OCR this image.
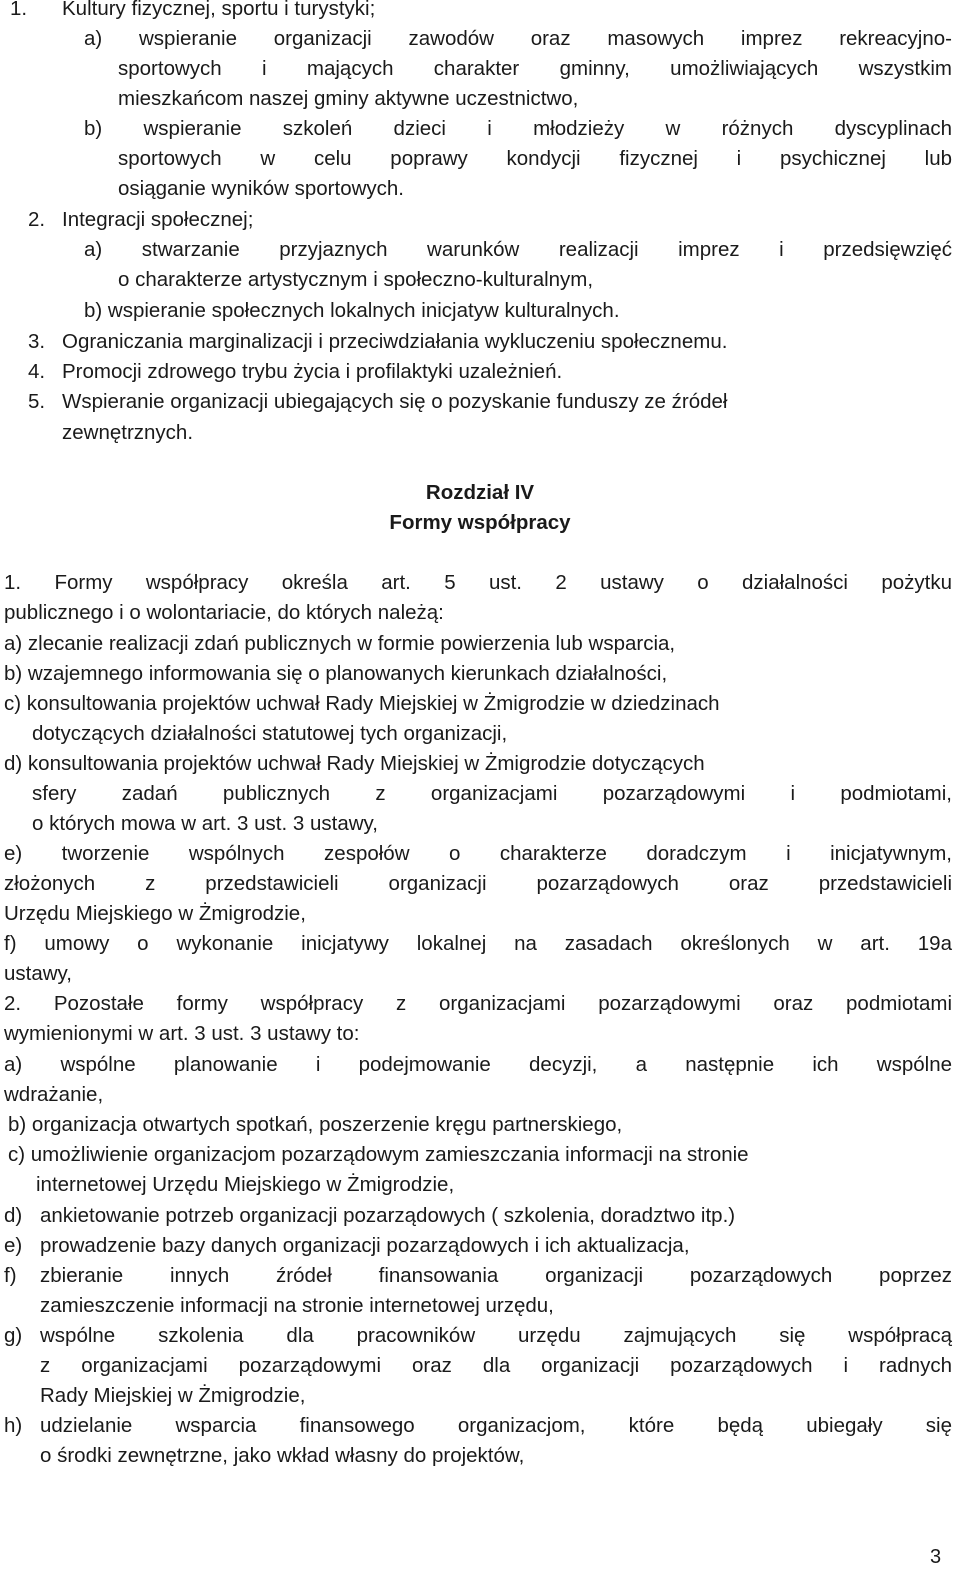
1. Kultury fizycznej, sportu i turystyki;
a) wspieranie organizacji zawodów oraz masowych imprez rekreacyjno-
sportowych i mających charakter gminny, umożliwiających wszystkim
mieszkańcom naszej gminy aktywne uczestnictwo,
b) wspieranie szkoleń dzieci i młodzieży w różnych dyscyplinach
sportowych w celu poprawy kondycji fizycznej i psychicznej lub
osiąganie wyników sportowych.
2. Integracji społecznej;
a) stwarzanie przyjaznych warunków realizacji imprez i przedsięwzięć
o charakterze artystycznym i społeczno-kulturalnym,
b) wspieranie społecznych lokalnych inicjatyw kulturalnych.
3. Ograniczania marginalizacji i przeciwdziałania wykluczeniu społecznemu.
4. Promocji zdrowego trybu życia i profilaktyki uzależnień.
5. Wspieranie organizacji ubiegających się o pozyskanie funduszy ze źródeł
zewnętrznych.
Rozdział IV
Formy współpracy
1. Formy współpracy określa art. 5 ust. 2 ustawy o działalności pożytku
publicznego i o wolontariacie, do których należą:
a) zlecanie realizacji zdań publicznych w formie powierzenia lub wsparcia,
b) wzajemnego informowania się o planowanych kierunkach działalności,
c) konsultowania projektów uchwał Rady Miejskiej w Żmigrodzie w dziedzinach
dotyczących działalności statutowej tych organizacji,
d) konsultowania projektów uchwał Rady Miejskiej w Żmigrodzie dotyczących
sfery zadań publicznych z organizacjami pozarządowymi i podmiotami,
o których mowa w art. 3 ust. 3 ustawy,
e) tworzenie wspólnych zespołów o charakterze doradczym i inicjatywnym,
złożonych z przedstawicieli organizacji pozarządowych oraz przedstawicieli
Urzędu Miejskiego w Żmigrodzie,
f) umowy o wykonanie inicjatywy lokalnej na zasadach określonych w art. 19a
ustawy,
2. Pozostałe formy współpracy z organizacjami pozarządowymi oraz podmiotami
wymienionymi w art. 3 ust. 3 ustawy to:
a) wspólne planowanie i podejmowanie decyzji, a następnie ich wspólne
wdrażanie,
b) organizacja otwartych spotkań, poszerzenie kręgu partnerskiego,
c) umożliwienie organizacjom pozarządowym zamieszczania informacji na stronie
internetowej Urzędu Miejskiego w Żmigrodzie,
d) ankietowanie potrzeb organizacji pozarządowych ( szkolenia, doradztwo itp.)
e) prowadzenie bazy danych organizacji pozarządowych i ich aktualizacja,
f) zbieranie innych źródeł finansowania organizacji pozarządowych poprzez
zamieszczenie informacji na stronie internetowej urzędu,
g) wspólne szkolenia dla pracowników urzędu zajmujących się współpracą
z organizacjami pozarządowymi oraz dla organizacji pozarządowych i radnych
Rady Miejskiej w Żmigrodzie,
h) udzielanie wsparcia finansowego organizacjom, które będą ubiegały się
o środki zewnętrzne, jako wkład własny do projektów,
3
